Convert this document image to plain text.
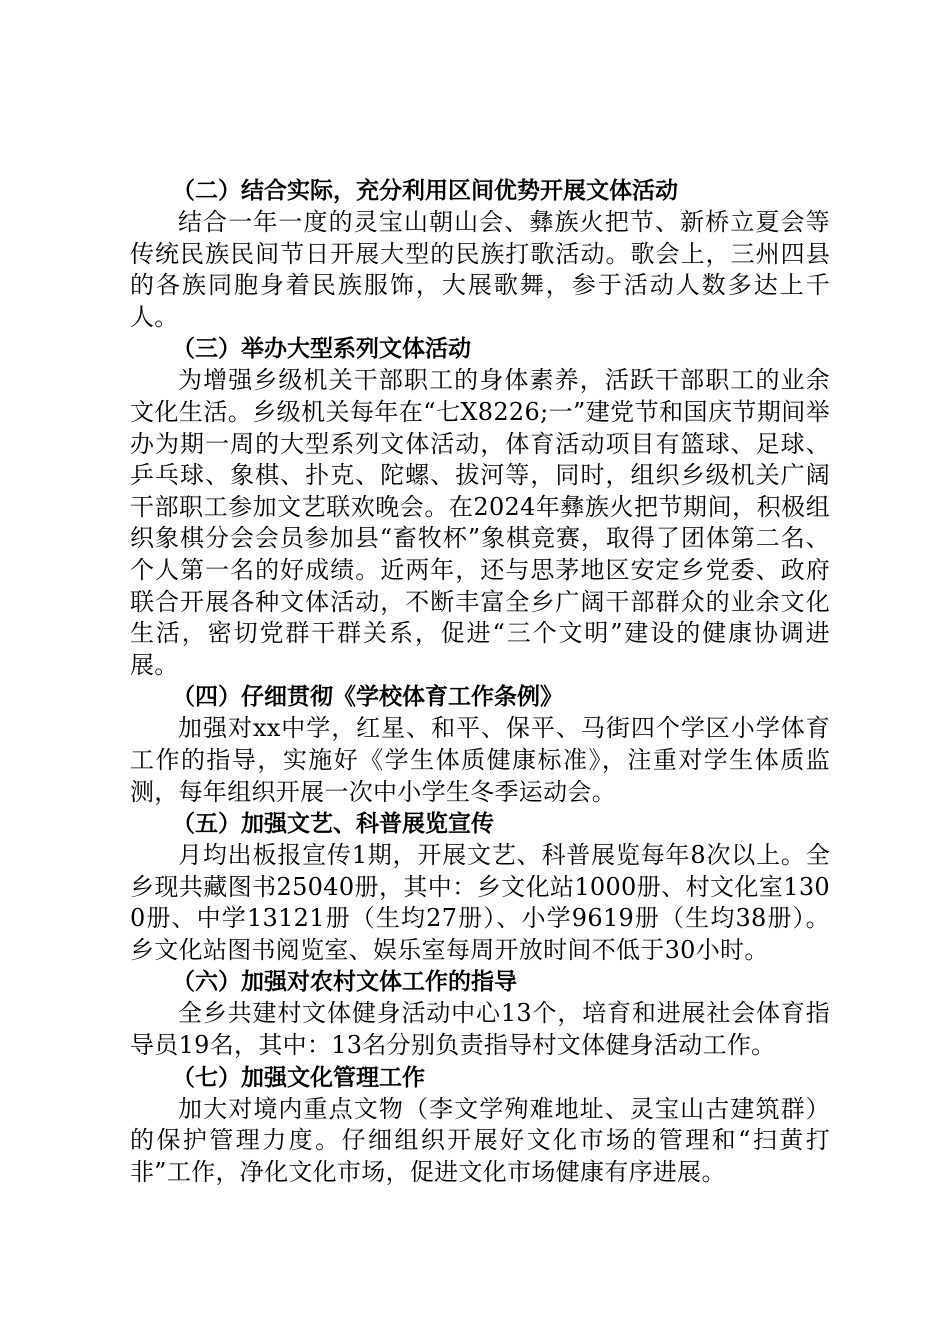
（二）结合实际，充分利用区间优势开展文体活动

结合一年一度的灵宝山朝山会、彝族火把节、新桥立夏会等传统民族民间节日开展大型的民族打歌活动。歌会上，三州四县的各族同胞身着民族服饰，大展歌舞，参于活动人数多达上千人。

（三）举办大型系列文体活动

为增强乡级机关干部职工的身体素养，活跃干部职工的业余文化生活。乡级机关每年在“七X8226;一”建党节和国庆节期间举办为期一周的大型系列文体活动，体育活动项目有篮球、足球、乒乓球、象棋、扑克、陀螺、拔河等，同时，组织乡级机关广阔干部职工参加文艺联欢晚会。在2024年彝族火把节期间，积极组织象棋分会会员参加县“畜牧杯”象棋竞赛，取得了团体第二名、个人第一名的好成绩。近两年，还与思茅地区安定乡党委、政府联合开展各种文体活动，不断丰富全乡广阔干部群众的业余文化生活，密切党群干群关系，促进“三个文明”建设的健康协调进展。

（四）仔细贯彻《学校体育工作条例》

加强对xx中学，红星、和平、保平、马街四个学区小学体育工作的指导，实施好《学生体质健康标准》，注重对学生体质监测，每年组织开展一次中小学生冬季运动会。

（五）加强文艺、科普展览宣传

月均出板报宣传1期，开展文艺、科普展览每年8次以上。全乡现共藏图书25040册，其中：乡文化站1000册、村文化室1300册、中学13121册（生均27册）、小学9619册（生均38册）。乡文化站图书阅览室、娱乐室每周开放时间不低于30小时。

（六）加强对农村文体工作的指导

全乡共建村文体健身活动中心13个，培育和进展社会体育指导员19名，其中：13名分别负责指导村文体健身活动工作。

（七）加强文化管理工作

加大对境内重点文物（李文学殉难地址、灵宝山古建筑群）的保护管理力度。仔细组织开展好文化市场的管理和“扫黄打非”工作，净化文化市场，促进文化市场健康有序进展。
